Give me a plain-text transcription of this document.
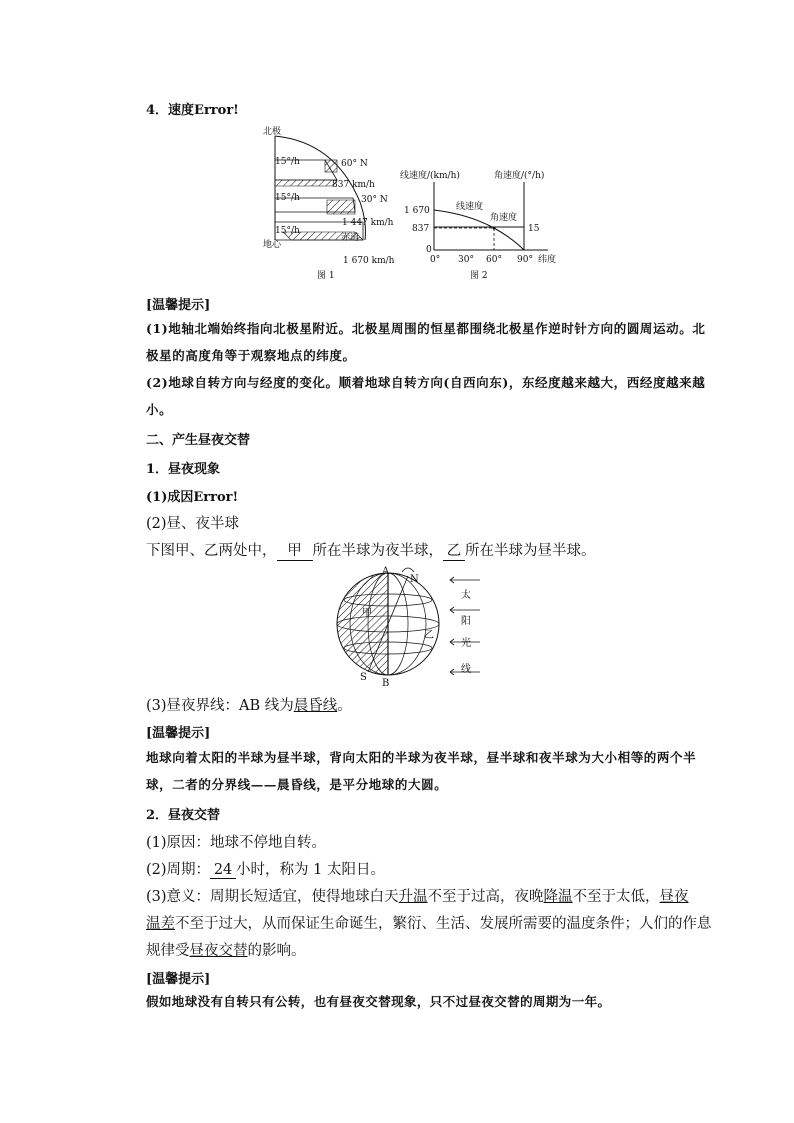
4．速度Error!
北极
15°/h
15°/h
15°/h
60° N
837 km/h
30° N
1 447 km/h
赤道
地心
1 670 km/h
图 1
线速度/(km/h)	角速度/(°/h)
1 670
837
0
线速度
角速度
15
0° 30° 60° 90° 纬度
图 2
[温馨提示]
(1)地轴北端始终指向北极星附近。北极星周围的恒星都围绕北极星作逆时针方向的圆周运动。北极星的高度角等于观察地点的纬度。
(2)地球自转方向与经度的变化。顺着地球自转方向(自西向东)，东经度越来越大，西经度越来越小。
二、产生昼夜交替
1．昼夜现象
(1)成因Error!
(2)昼、夜半球
下图甲、乙两处中， 甲 所在半球为夜半球， 乙 所在半球为昼半球。
A
N
S
B
甲
乙
太
阳
光
线
(3)昼夜界线：AB 线为晨昏线。
[温馨提示]
地球向着太阳的半球为昼半球，背向太阳的半球为夜半球，昼半球和夜半球为大小相等的两个半球，二者的分界线——晨昏线，是平分地球的大圆。
2．昼夜交替
(1)原因：地球不停地自转。
(2)周期： 24 小时，称为 1 太阳日。
(3)意义：周期长短适宜，使得地球白天升温不至于过高，夜晚降温不至于太低，昼夜
温差不至于过大，从而保证生命诞生，繁衍、生活、发展所需要的温度条件；人们的作息
规律受昼夜交替的影响。
[温馨提示]
假如地球没有自转只有公转，也有昼夜交替现象，只不过昼夜交替的周期为一年。
